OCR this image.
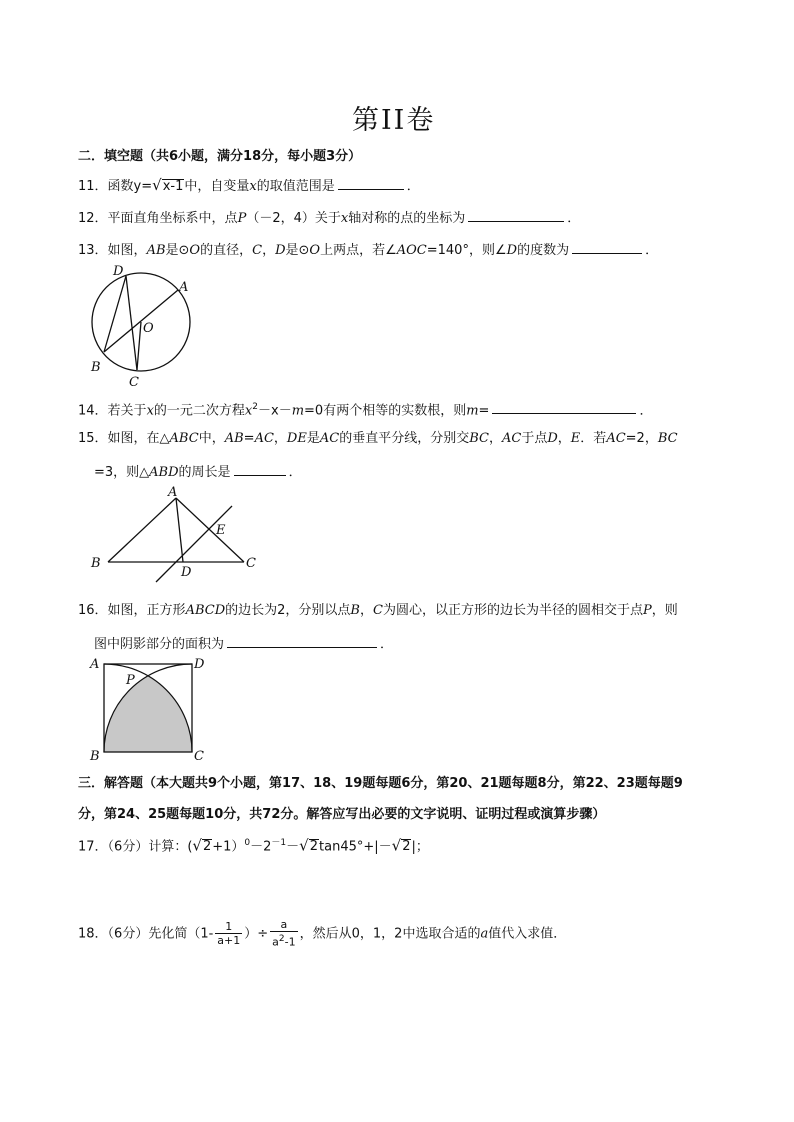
第II卷
二．填空题（共6小题，满分18分，每小题3分）
11．函数y=√x-1中，自变量x的取值范围是	．
12．平面直角坐标系中，点P（－2，4）关于x轴对称的点的坐标为	．
13．如图，AB是⊙O的直径，C，D是⊙O上两点，若∠AOC=140°，则∠D的度数为	．
D
A
O
B
C
14．若关于x的一元二次方程$x^2-x-m=0$有两个相等的实数根，则m=	．
15．如图，在△ABC中，AB=AC，DE是AC的垂直平分线，分别交BC，AC于点D，E．若AC=2，BC
=3，则△ABD的周长是	．
A
E
B
D
C
16．如图，正方形ABCD的边长为2，分别以点B，C为圆心，以正方形的边长为半径的圆相交于点P，则
图中阴影部分的面积为	．
A	D
P
B	C
三．解答题（本大题共9个小题，第17、18、19题每题6分，第20、21题每题8分，第22、23题每题9
分，第24、25题每题10分，共72分。解答应写出必要的文字说明、证明过程或演算步骤）
17．（6分）计算：$(√2+1)^0-2^{-1}-√2\tan 45^\circ+|-√2|$；
18．（6分）先化简（$1- \frac{1}{a+1}$ ）÷ $\frac{a}{a^2-1}$ ，然后从0，1，2中选取合适的a值代入求值．
